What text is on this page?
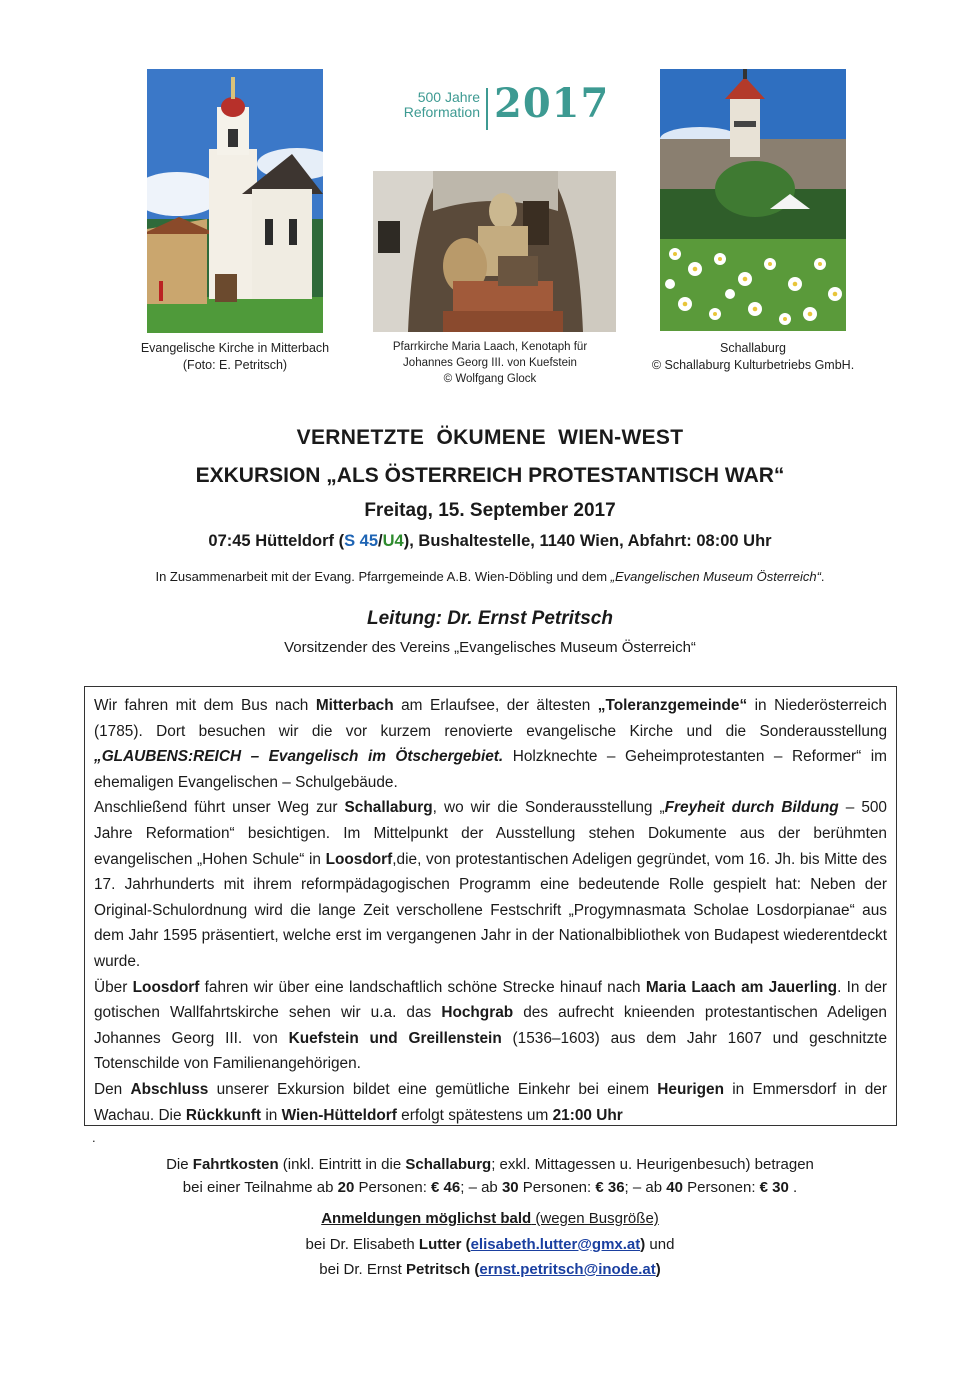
500 Jahre
Reformation 2017
Evangelische Kirche in Mitterbach
(Foto: E. Petritsch)
Pfarrkirche Maria Laach, Kenotaph für
Johannes Georg III. von Kuefstein
© Wolfgang Glock
Schallaburg
© Schallaburg Kulturbetriebs GmbH.
VERNETZTE  ÖKUMENE  WIEN-WEST
EXKURSION „ALS ÖSTERREICH PROTESTANTISCH WAR“
Freitag, 15. September 2017
07:45 Hütteldorf (S 45/U4), Bushaltestelle, 1140 Wien, Abfahrt: 08:00 Uhr
In Zusammenarbeit mit der Evang. Pfarrgemeinde A.B. Wien-Döbling und dem „Evangelischen Museum Österreich“.
Leitung: Dr. Ernst Petritsch
Vorsitzender des Vereins „Evangelisches Museum Österreich“
Wir fahren mit dem Bus nach Mitterbach am Erlaufsee, der ältesten „Toleranzgemeinde“ in Niederösterreich (1785). Dort besuchen wir die vor kurzem renovierte evangelische Kirche und die Sonderausstellung „GLAUBENS:REICH – Evangelisch im Ötschergebiet. Holzknechte – Geheimprotestanten – Reformer“ im ehemaligen Evangelischen – Schulgebäude.
Anschließend führt unser Weg zur Schallaburg, wo wir die Sonderausstellung „Freyheit durch Bildung – 500 Jahre Reformation“ besichtigen. Im Mittelpunkt der Ausstellung stehen Dokumente aus der berühmten evangelischen „Hohen Schule“ in Loosdorf,die, von protestantischen Adeligen gegründet, vom 16. Jh. bis Mitte des 17. Jahrhunderts mit ihrem reformpädagogischen Programm eine bedeutende Rolle gespielt hat: Neben der Original-Schulordnung wird die lange Zeit verschollene Festschrift „Progymnasmata Scholae Losdorpianae“ aus dem Jahr 1595 präsentiert, welche erst im vergangenen Jahr in der Nationalbibliothek von Budapest wiederentdeckt wurde.
Über Loosdorf fahren wir über eine landschaftlich schöne Strecke hinauf nach Maria Laach am Jauerling. In der gotischen Wallfahrtskirche sehen wir u.a. das Hochgrab des aufrecht knieenden protestantischen Adeligen Johannes Georg III. von Kuefstein und Greillenstein (1536–1603) aus dem Jahr 1607 und geschnitzte Totenschilde von Familienangehörigen.
Den Abschluss unserer Exkursion bildet eine gemütliche Einkehr bei einem Heurigen in Emmersdorf in der Wachau. Die Rückkunft in Wien-Hütteldorf erfolgt spätestens um 21:00 Uhr
.
Die Fahrtkosten (inkl. Eintritt in die Schallaburg; exkl. Mittagessen u. Heurigenbesuch) betragen
bei einer Teilnahme ab 20 Personen: € 46; – ab 30 Personen: € 36; – ab 40 Personen: € 30 .
Anmeldungen möglichst bald (wegen Busgröße)
bei Dr. Elisabeth Lutter (elisabeth.lutter@gmx.at) und
bei Dr. Ernst Petritsch (ernst.petritsch@inode.at)
